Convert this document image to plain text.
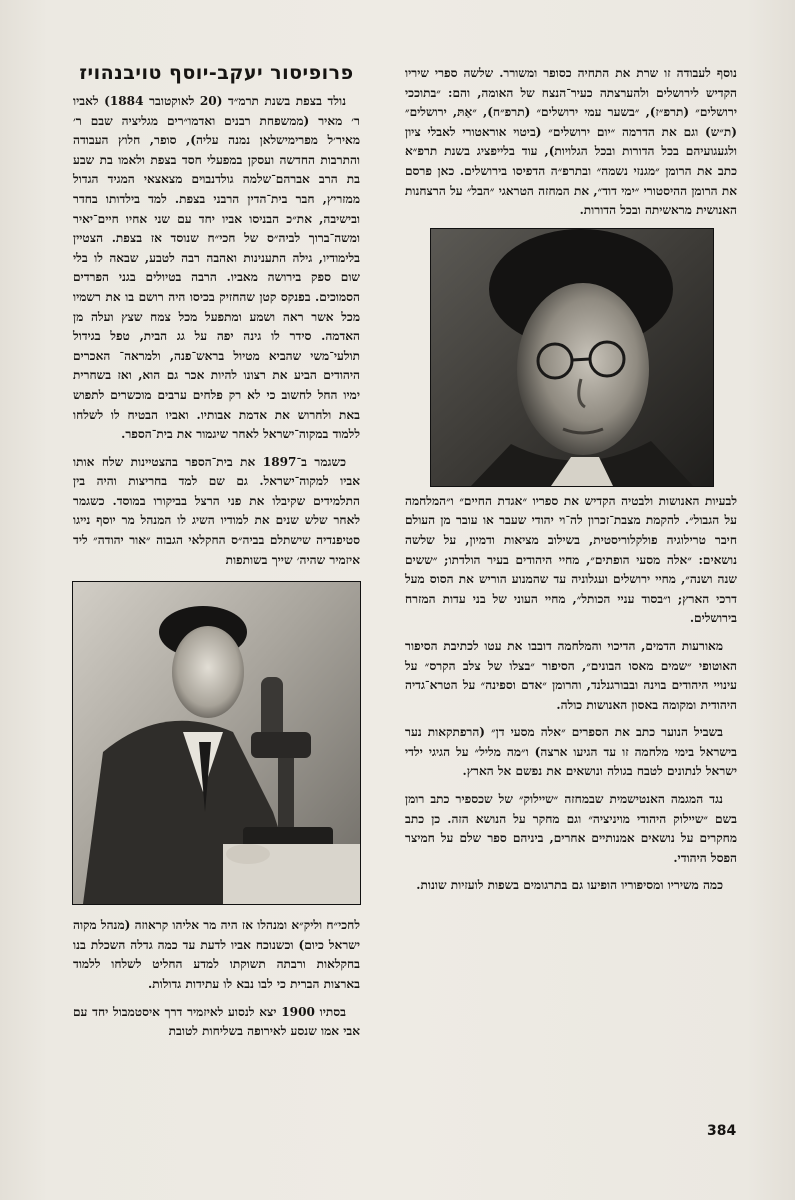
נוסף לעבודה זו שרת את התחיה כסופר ומשורר. שלשה ספרי שיריו הקדיש לירושלים ולהערצתה כעיר־הנצח של האומה, והם: ״בתוככי ירושלים״ (תרפ״ז), ״בשער עמי ירושלים״ (תרפ״ח), ״אַתּ, ירושלים״ (ת״ש) וגם את הדרמה ״יום ירושלים״ (ביטוי אוראטורי לאבלי ציון ולגעגועיהם בכל הדורות ובכל הגלויות), עוד בלייפציג בשנת תרפ״א כתב את הרומן ״מגנזי נשמה״ ובתרפ״ה הדפיסו בירושלים. כאן פרסם את הרומן ההיסטורי ״ימי דוד״, את המחזה הטראגי ״הבל״ על הרצחנות האנושית מראשיתה ובכל הדורות.

לבעיות האנושות ולבטיה הקדיש את ספריו ״אגדת החיים״ ו״המלחמה על הגבול״. להקמת מצבת־זכרון לה־וי יהודי שעבר או עובר מן העולם חיבר טרילוגיה פולקלוריסטית, בשילוב מציאות ודמיון, על שלשה נושאים: ״אלה מסעי הופתים״, מחיי היהודים בעיר הולדתו; ״ששים שנה ושנה״, מחיי ירושלים ועגלוניה עד שהמנוע הוריש את הסוס מעל דרכי הארץ; ו״בסוד עניי הכותל״, מחיי העוני של בני עדות המזרח בירושלים.

מאורעות הדמים, הדיכוי והמלחמה דובבו את עטו לכתיבת הסיפור האוטופי ״שמים מאסו הבונים״, הסיפור ״בצלו של צלב הקרס״ על עינויי היהודים בוינה ובבורגנלנד, והרומן ״אדם וספינה״ על הטרא־גדיה היהודית ומקומה באסון האנושות כולה.

בשביל הנוער כתב את הספרים ״אלה מסעי דן״ (הרפתקאות נער בישראל בימי מלחמה זו עד הגיעו ארצה) ו״מה מליל״ על הגיגי ילדי ישראל לנתונים לטבח בגולה ונושאים את נפשם אל הארץ.

נגד המגמה האנטישמית שבמחזה ״שיילוק״ של שכספיר כתב רומן בשם ״שיילוק היהודי מויניציה״ וגם מחקר על הנושא הזה. כן כתב מחקרים על נושאים אמנותיים אחרים, ביניהם ספר שלם על חמיצר הפסל היהודי.

כמה משיריו ומסיפוריו הופיעו גם בתרגומים בשפות לועזיות שונות.

פרופיסור יעקב-יוסף טויבנהויז

נולד בצפת בשנת תרמ״ד (20 לאוקטובר 1884) לאביו ר׳ מאיר (ממשפחת רבנים ואדמו״רים מגליציה שבם ר׳ מאיר׳ל מפרימישלאן נמנה עליה), סופר, חלוץ העבודה והתרבות החדשה ועסקן במפעלי חסד בצפת ולאמו בת שבע בת הרב אברהם־שלמה גולדנבוים מצאצאי המגיד הגדול ממזריץ, חבר בית־הדין הרבני בצפת. למד בילדותו בחדר ובישיבה, את״כ הבניסו אביו יחד עם שני אחיו חיים־יאיר ומשה־ברוך לביה״ס של חכי״ח שנוסד אז בצפת. הצטיין בלימודיו, גילה התענינות ואהבה רבה לטבע, שבאה לו בלי שום ספק בירושה מאביו. הרבה בטיולים בגני הפרדים הסמוכים. בפנקס קטן שהחזיק בכיסו היה רושם בו את רשמיו מכל אשר ראה ושמע ומתפעל מכל צמח שצץ ועלה מן האדמה. סידר לו גינה יפה על גג הבית, טפל בגידול תולעי־משי שהביא מטיול בראש־פנה, ולמראה־ האכרים היהודים הביע את רצונו להיות אכר גם הוא, ואז בשחרית ימיו החל לחשוב כי לא רק פלחים ערבים מוכשרים לתפוש באת ולחרוש את אדמת אבותיו. ואביו הבטיח לו לשלחו ללמוד במקוה־ישראל לאחר שיגמור את בית־הספר.

כשגמר ב־1897 את בית־הספר בהצטיינות שלח אותו אביו למקוה־ישראל. גם שם למד בחריצות והיה בין התלמידים שקיבלו את פני הרצל בביקורו במוסד. כשגמר לאחר שלש שנים את למודיו השיג לו המנהל מר יוסף נייגו סטיפנדיה שישתלם בביה״ס החקלאי הגבוה ״אור יהודה״ ליד איזמיר שהיה׳ שייך בשותפות

לחכי״ח וליק״א ומנהלו אז היה מר אליהו קראוזה (מנהל מקוה ישראל כיום) וכשנוכח אביו לדעת עד כמה גדלה השכלת בנו בחקלאות ורבתה תשוקתו למדע החליט לשלחו ללמוד בארצות הברית כי לבו נבא לו עתידות גדולות.

בסתיו 1900 יצא לנסוע לאיזמיר דרך איסטמבול יחד עם אבי אמו שנסע לאירופה בשליחות לטובת

384
